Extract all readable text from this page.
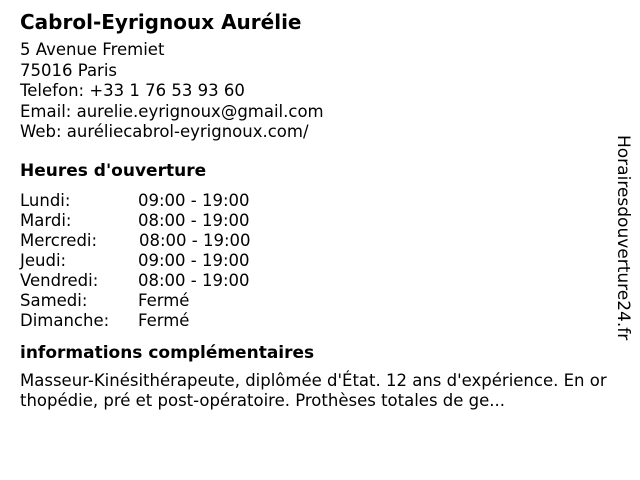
Cabrol-Eyrignoux Aurélie
5 Avenue Fremiet
75016 Paris
Telefon: +33 1 76 53 93 60
Email: aurelie.eyrignoux@gmail.com
Web: auréliecabrol-eyrignoux.com/
Heures d'ouverture
Lundi:	09:00 - 19:00
Mardi:	08:00 - 19:00
Mercredi:	08:00 - 19:00
Jeudi:	09:00 - 19:00
Vendredi:	08:00 - 19:00
Samedi:	Fermé
Dimanche:	Fermé
informations complémentaires
Masseur-Kinésithérapeute, diplômée d'État. 12 ans d'expérience. En orthopédie, pré et post-opératoire. Prothèses totales de ge...
Horairesdouverture24.fr
